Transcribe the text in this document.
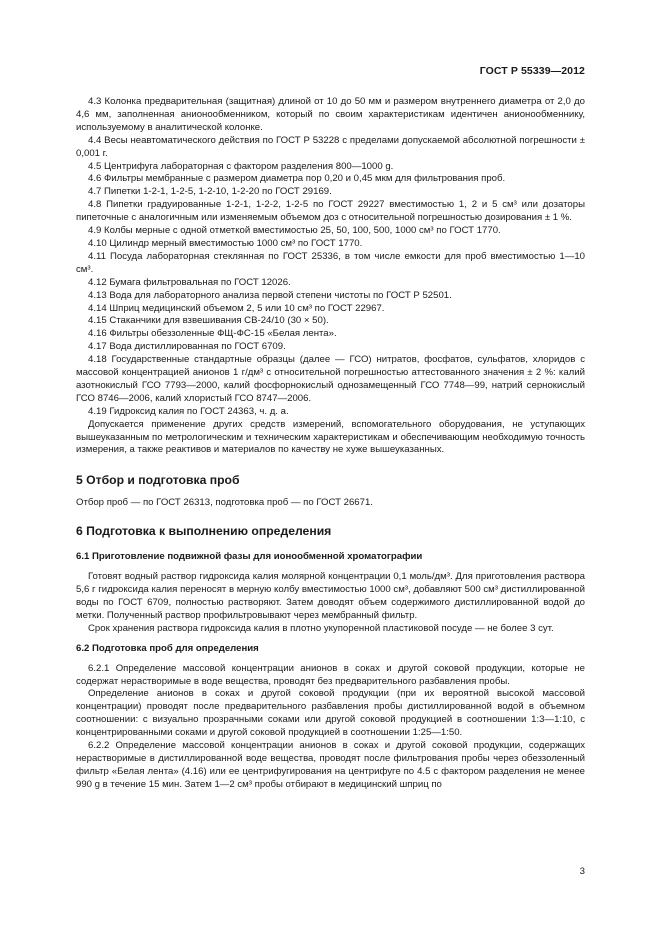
ГОСТ Р 55339—2012

4.3 Колонка предварительная (защитная) длиной от 10 до 50 мм и размером внутреннего диаметра от 2,0 до 4,6 мм, заполненная анионообменником, который по своим характеристикам идентичен анионообменнику, используемому в аналитической колонке.

4.4 Весы неавтоматического действия по ГОСТ Р 53228 с пределами допускаемой абсолютной погрешности ± 0,001 г.

4.5 Центрифуга лабораторная с фактором разделения 800—1000 g.

4.6 Фильтры мембранные с размером диаметра пор 0,20 и 0,45 мкм для фильтрования проб.

4.7 Пипетки 1-2-1, 1-2-5, 1-2-10, 1-2-20 по ГОСТ 29169.

4.8 Пипетки градуированные 1-2-1, 1-2-2, 1-2-5 по ГОСТ 29227 вместимостью 1, 2 и 5 см³ или дозаторы пипеточные с аналогичным или изменяемым объемом доз с относительной погрешностью дозирования ± 1 %.

4.9 Колбы мерные с одной отметкой вместимостью 25, 50, 100, 500, 1000 см³ по ГОСТ 1770.

4.10 Цилиндр мерный вместимостью 1000 см³ по ГОСТ 1770.

4.11 Посуда лабораторная стеклянная по ГОСТ 25336, в том числе емкости для проб вместимостью 1—10 см³.

4.12 Бумага фильтровальная по ГОСТ 12026.

4.13 Вода для лабораторного анализа первой степени чистоты по ГОСТ Р 52501.

4.14 Шприц медицинский объемом 2, 5 или 10 см³ по ГОСТ 22967.

4.15 Стаканчики для взвешивания СВ-24/10 (30 × 50).

4.16 Фильтры обеззоленные ФЩ-ФС-15 «Белая лента».

4.17 Вода дистиллированная по ГОСТ 6709.

4.18 Государственные стандартные образцы (далее — ГСО) нитратов, фосфатов, сульфатов, хлоридов с массовой концентрацией анионов 1 г/дм³ с относительной погрешностью аттестованного значения ± 2 %: калий азотнокислый ГСО 7793—2000, калий фосфорнокислый однозамещенный ГСО 7748—99, натрий сернокислый ГСО 8746—2006, калий хлористый ГСО 8747—2006.

4.19 Гидроксид калия по ГОСТ 24363, ч. д. а.

Допускается применение других средств измерений, вспомогательного оборудования, не уступающих вышеуказанным по метрологическим и техническим характеристикам и обеспечивающим необходимую точность измерения, а также реактивов и материалов по качеству не хуже вышеуказанных.

5 Отбор и подготовка проб

Отбор проб — по ГОСТ 26313, подготовка проб — по ГОСТ 26671.

6 Подготовка к выполнению определения
6.1 Приготовление подвижной фазы для ионообменной хроматографии

Готовят водный раствор гидроксида калия молярной концентрации 0,1 моль/дм³. Для приготовления раствора 5,6 г гидроксида калия переносят в мерную колбу вместимостью 1000 см³, добавляют 500 см³ дистиллированной воды по ГОСТ 6709, полностью растворяют. Затем доводят объем содержимого дистиллированной водой до метки. Полученный раствор профильтровывают через мембранный фильтр.

Срок хранения раствора гидроксида калия в плотно укупоренной пластиковой посуде — не более 3 сут.

6.2 Подготовка проб для определения

6.2.1 Определение массовой концентрации анионов в соках и другой соковой продукции, которые не содержат нерастворимые в воде вещества, проводят без предварительного разбавления пробы.

Определение анионов в соках и другой соковой продукции (при их вероятной высокой массовой концентрации) проводят после предварительного разбавления пробы дистиллированной водой в объемном соотношении: с визуально прозрачными соками или другой соковой продукцией в соотношении 1:3—1:10, с концентрированными соками и другой соковой продукцией в соотношении 1:25—1:50.

6.2.2 Определение массовой концентрации анионов в соках и другой соковой продукции, содержащих нерастворимые в дистиллированной воде вещества, проводят после фильтрования пробы через обеззоленный фильтр «Белая лента» (4.16) или ее центрифугирования на центрифуге по 4.5 с фактором разделения не менее 990 g в течение 15 мин. Затем 1—2 см³ пробы отбирают в медицинский шприц по

3
